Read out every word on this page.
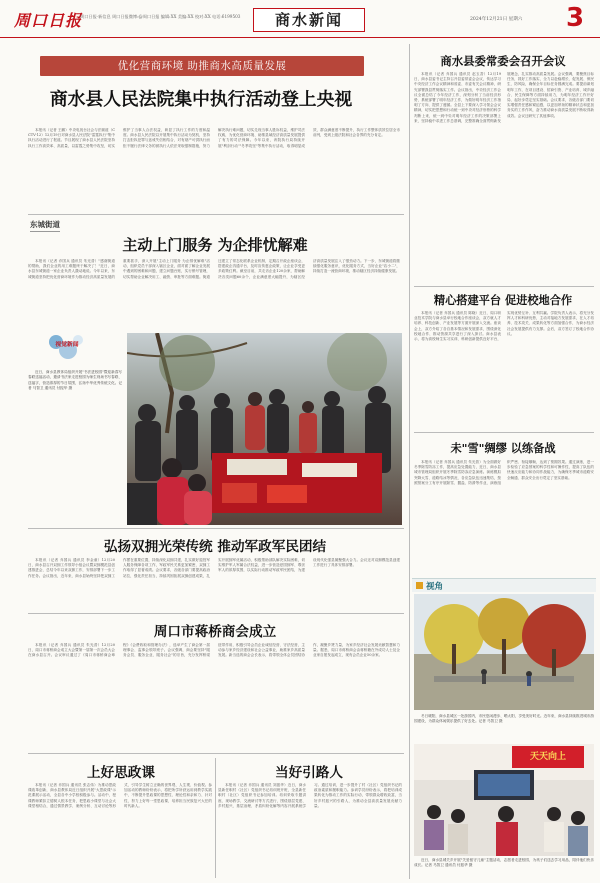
周口日报
周口日报·新信息 周口日报微博:@周口日报 编辑:XX 美编:XX 校对:XX 电话:6199503	商水新闻	2024年12月21日 星期六 3
优化营商环境 助推商水高质量发展
商水县人民法院集中执行活动登上央视

本报讯（记者 王鹏）中央电视台社会与法频道（CCTV-12）12月19日对商水县人民法院"雷霆执行"集中执行活动进行了报道。节目展现了商水县人民法院坚持执行工作高效率、高质量，以雷霆之势集中攻坚，切实维护了当事人合法权益，彰显了执行工作的力度和温度。商水县人民法院以开展集中执行活动为契机，坚持打击拒执犯罪与惩戒失信相结合，对有财产可供执行而拒不履行法律义务的被执行人依法采取强制措施，努力解决执行难问题，切实兑现当事人胜诉权益，维护司法权威，为优化营商环境、助推县域经济高质量发展提供了有力的司法保障。今年以来，该院执行局持续开展"利剑行动""冬季攻坚"等集中执行活动，取得明显成效，群众满意度不断提升，执行工作整体质效位居全市前列，受到上级法院和社会各界的充分肯定。

东城街道
主动上门服务 为企排忧解难

本报讯（记者 乔国兵 通讯员 朱光普）"感谢街道的帮助，我们企业的用工难题终于解决了！"近日，商水县东城街道一家企业负责人激动地说。今年以来，东城街道坚持把优化营商环境作为推动经济高质量发展的重要抓手，深入开展"主动上门服务 为企排忧解难"活动，组织党员干部深入辖区企业，面对面了解企业发展中遇到的困难和问题，建立问题台账，实行销号管理，切实帮助企业解决用工、融资、审批等方面难题。街道还建立了常态化联系企业机制，定期召开政企座谈会，搭建政企沟通平台，及时宣传惠企政策，让企业享受更多政策红利。截至目前，共走访企业120余家，帮助解决各类问题60余个，企业满意度大幅提升，为辖区经济高质量发展注入了强劲动力。下一步，东城街道将继续强化服务意识，优化服务方式，当好企业"店小二"，持续打造一流营商环境，推动辖区经济持续健康发展。

视觉新闻

近日，商水县教体局组织开展"书法进校园"暨迎新春写春联送福活动，邀请书法家走进校园为师生现场书写春联、送福字，营造浓厚的节日氛围，弘扬中华优秀传统文化。记者 马智卫 通讯员 付振华 摄

弘扬双拥光荣传统 推动军政军民团结

本报讯（记者 乔国兵 通讯员 李金童）12月20日，商水县召开双拥工作领导小组会议暨双拥模范县创建推进会，总结今年以来双拥工作，安排部署下一步工作任务。会议指出，近年来，商水县始终坚持把双拥工作摆在重要位置，持续深化双拥共建，扎实做好退役军人服务保障各项工作，军政军民关系更加紧密，双拥工作取得了显著成绩。会议要求，各级各部门要提高政治站位，强化责任担当，持续巩固拓展双拥创建成果，扎实开展拥军优属活动，积极帮助部队解决实际困难，切实维护军人军属合法权益，进一步营造爱国拥军、尊崇军人的浓厚氛围，以实际行动推动军政军民团结，为建设现代化强县凝聚强大合力。会议还对双拥模范县创建工作进行了具体安排部署。

周口市蒋桥商会成立

本报讯（记者 乔国兵 通讯员 朱光普）12月20日，周口市蒋桥商会成立大会暨第一届第一次会员大会在商水县召开。会议审议通过了《周口市蒋桥商会章程》《会费收取和管理办法》，选举产生了商会第一届理事会、监事会领导班子。会议强调，商会要坚持"服务会员、服务企业、服务社会"的宗旨，充分发挥桥梁纽带作用，积极引导会员企业诚信经营、守法经营，主动参与家乡经济建设和社会公益事业，助推家乡高质量发展。新当选的商会会长表示，将带领全体会员团结协作，凝聚乡贤力量，为家乡经济社会发展贡献智慧和力量。据悉，周口市蒋桥商会由蒋桥籍在外成功人士及企业家自愿发起成立，现有会员企业50余家。

上好思政课

本报讯（记者 乔国兵 通讯员 张志伟）为推动思政课改革创新，商水县教体局近日组织开展"大思政课"示范课展示活动，全县各中小学校积极参与。活动中，授课教师紧扣立德树人根本任务，把思政小课堂与社会大课堂相结合，通过情景教学、案例分析、互动讨论等形式，引导学生树立正确的世界观、人生观、价值观。参加活动的教师纷纷表示，将把所学所获运用到教学实践中，不断提升思政课的思想性、理论性和亲和力、针对性，努力上好每一堂思政课，培养担当民族复兴大任的时代新人。

当好引路人

本报讯（记者 乔国兵 通讯员 刘振华）近日，商水县新任职村（社区）党组织书记培训班开班，全县新任职村（社区）党组织书记参加培训。培训采取专题讲座、现场教学、交流研讨等方式进行，围绕基层党建、乡村振兴、基层治理、矛盾纠纷化解等内容开展系统学习。通过培训，进一步提升了村（社区）党组织书记的政治素质和履职能力。参训学员纷纷表示，将把培训成果转化为推动工作的实际行动，带领群众增收致富，当好乡村振兴的引路人，为推动全县高质量发展贡献力量。

商水县委常委会召开会议

本报讯（记者 乔国兵 通讯员 赵玉香）12月19日，商水县委书记主持召开县委常委会会议，传达学习中央经济工作会议精神和省委、市委有关会议精神，研究部署我县贯彻落实工作。会议指出，中央经济工作会议全面总结了今年经济工作，深刻分析了当前经济形势，系统部署了明年经济工作，为做好明年经济工作指明了方向、提供了遵循。全县上下要深入学习领会会议精神，切实把思想和行动统一到中央对经济形势的科学判断上来，统一到中央对明年经济工作的决策部署上来，坚持稳中求进工作总基调，完整准确全面贯彻新发展理念，扎实推动高质量发展。会议强调，要聚焦目标任务，抓好工作落实，全力以赴稳增长、促发展、保民生、防风险，确保全年目标任务圆满完成。要提前谋划明年工作，在项目建设、招商引资、产业培育、城乡融合、民生保障等方面持续用力，为明年经济工作开好局、起好步奠定坚实基础。会议要求，各级各部门要切实增强责任感和紧迫感，以更加昂扬的精神状态和更加务实的工作作风，奋力推动商水高质量发展不断取得新成效。会议还研究了其他事项。

精心搭建平台 促进校地合作

本报讯（记者 乔国兵 通讯员 陈晓）近日，周口职业技术学院与商水县举行校地合作座谈会，双方就人才培养、科技创新、产业发展等方面开展深入交流。座谈会上，双方介绍了各自基本情况和发展需求，围绕深化校地合作、推动资源共享进行了深入探讨。商水县表示，将为高校师生实习实训、科研创新提供良好平台，实现优势互补、互利共赢。学院负责人表示，将充分发挥人才和科研优势，主动对接地方发展需求，在人才培养、技术攻关、成果转化等方面加强合作，为商水经济社会发展提供有力支撑。会后，双方签订了校地合作协议。

未"雪"绸缪 以练备战

本报讯（记者 乔国兵 通讯员 朱光普）为全面做好冬季除雪防冻工作，提高应急处置能力，近日，商水县城市管理局组织开展冬季除雪防冻应急演练。演练模拟突降大雪、道路结冰等情况，各应急队伍迅速集结，按照预案分工有序开展除雪、撒盐、防滑等作业，演练组织严密、衔接顺畅，达到了预期效果。通过演练，进一步检验了应急预案的科学性和可操作性，提高了队伍的快速反应能力和协同作战能力，为确保冬季城市道路安全畅通、群众安全出行奠定了坚实基础。

视角

冬日暖阳，商水县城区一处游园内，市民悠闲漫步、晒太阳，享受美好时光。近年来，商水县持续推进城市游园建设，为群众休闲娱乐提供了好去处。记者 马智卫 摄

天天向上

近日，商水县城关乡开展"关爱留守儿童"主题活动，志愿者走进校园，为孩子们送去学习用品，陪伴他们快乐成长。记者 马智卫 通讯员 付振华 摄
